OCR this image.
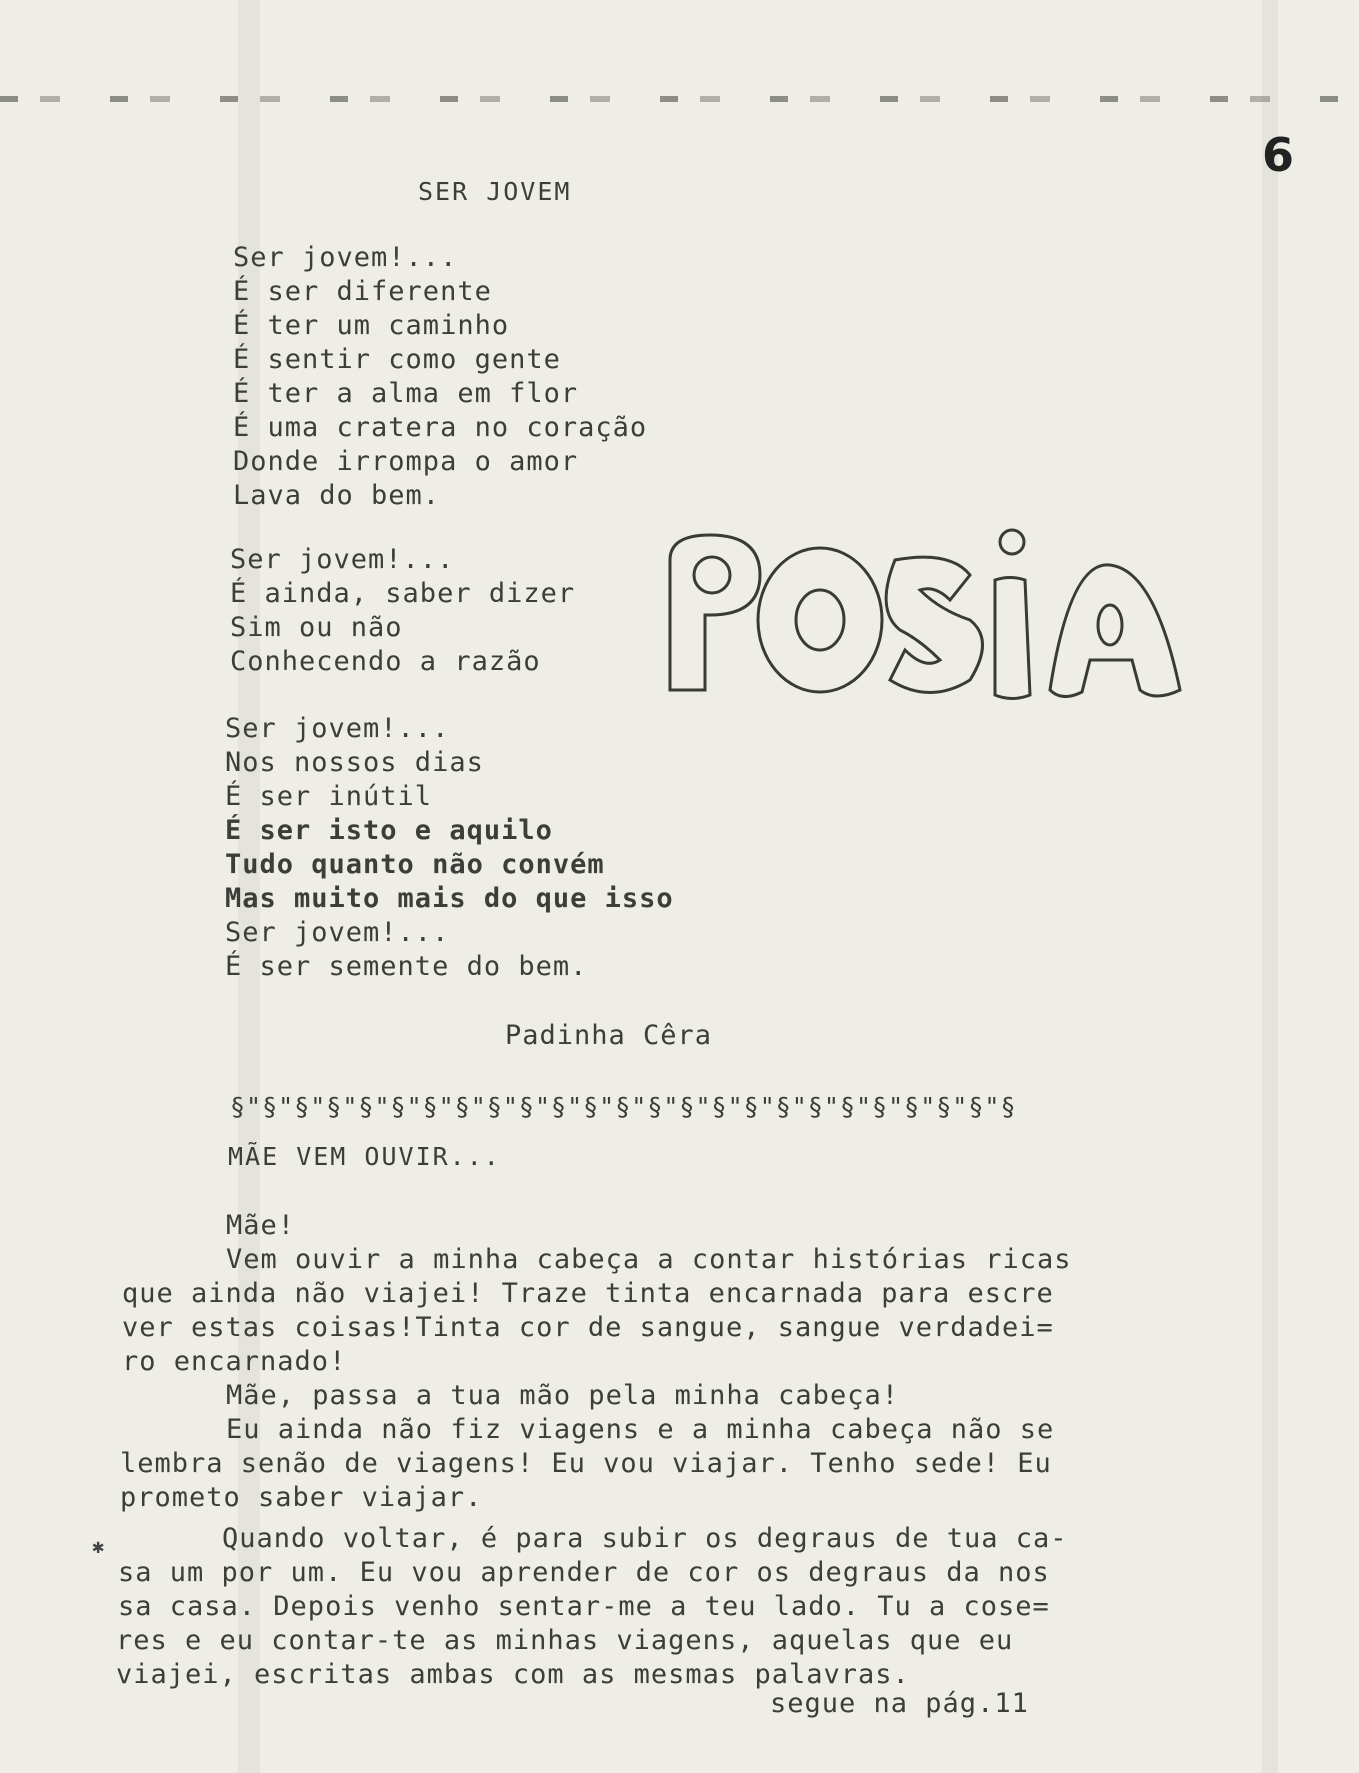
6
SER JOVEM
Ser jovem!...
É ser diferente
É ter um caminho
É sentir como gente
É ter a alma em flor
É uma cratera no coração
Donde irrompa o amor
Lava do bem.
Ser jovem!...
É ainda, saber dizer
Sim ou não
Conhecendo a razão
Ser jovem!...
Nos nossos dias
É ser inútil
É ser isto e aquilo
Tudo quanto não convém
Mas muito mais do que isso
Ser jovem!...
É ser semente do bem.
Padinha Cêra
§"§"§"§"§"§"§"§"§"§"§"§"§"§"§"§"§"§"§"§"§"§"§"§"§
MÃE VEM OUVIR...
Mãe!
Vem ouvir a minha cabeça a contar histórias ricas
que ainda não viajei! Traze tinta encarnada para escre
ver estas coisas!Tinta cor de sangue, sangue verdadei=
ro encarnado!
Mãe, passa a tua mão pela minha cabeça!
Eu ainda não fiz viagens e a minha cabeça não se
lembra senão de viagens! Eu vou viajar. Tenho sede! Eu
prometo saber viajar.
Quando voltar, é para subir os degraus de tua ca-
sa um por um. Eu vou aprender de cor os degraus da nos
sa casa. Depois venho sentar-me a teu lado. Tu a cose=
res e eu contar-te as minhas viagens, aquelas que eu
viajei, escritas ambas com as mesmas palavras.
✱
segue na pág.11
